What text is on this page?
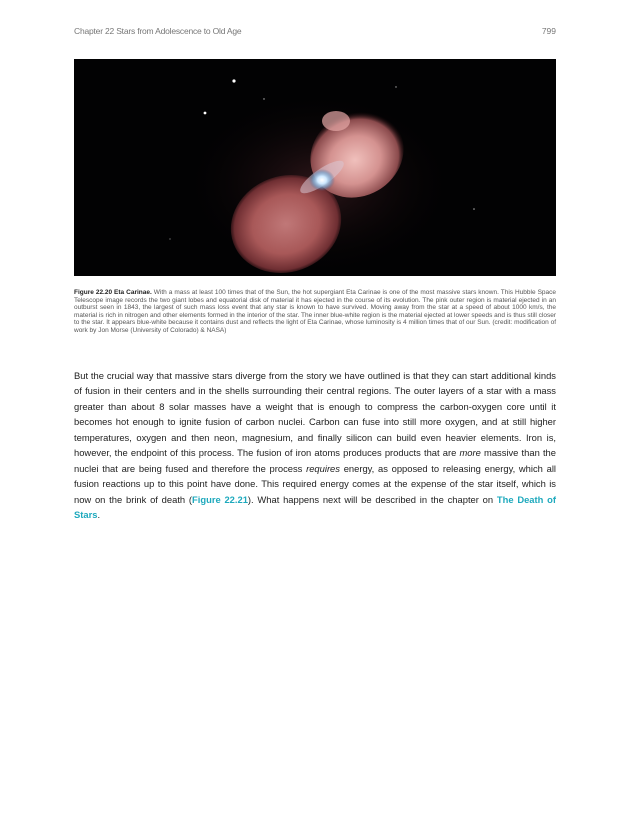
Chapter 22 Stars from Adolescence to Old Age	799
Figure 22.20 Eta Carinae. With a mass at least 100 times that of the Sun, the hot supergiant Eta Carinae is one of the most massive stars known. This Hubble Space Telescope image records the two giant lobes and equatorial disk of material it has ejected in the course of its evolution. The pink outer region is material ejected in an outburst seen in 1843, the largest of such mass loss event that any star is known to have survived. Moving away from the star at a speed of about 1000 km/s, the material is rich in nitrogen and other elements formed in the interior of the star. The inner blue-white region is the material ejected at lower speeds and is thus still closer to the star. It appears blue-white because it contains dust and reflects the light of Eta Carinae, whose luminosity is 4 million times that of our Sun. (credit: modification of work by Jon Morse (University of Colorado) & NASA)
But the crucial way that massive stars diverge from the story we have outlined is that they can start additional kinds of fusion in their centers and in the shells surrounding their central regions. The outer layers of a star with a mass greater than about 8 solar masses have a weight that is enough to compress the carbon-oxygen core until it becomes hot enough to ignite fusion of carbon nuclei. Carbon can fuse into still more oxygen, and at still higher temperatures, oxygen and then neon, magnesium, and finally silicon can build even heavier elements. Iron is, however, the endpoint of this process. The fusion of iron atoms produces products that are more massive than the nuclei that are being fused and therefore the process requires energy, as opposed to releasing energy, which all fusion reactions up to this point have done. This required energy comes at the expense of the star itself, which is now on the brink of death (Figure 22.21). What happens next will be described in the chapter on The Death of Stars.
